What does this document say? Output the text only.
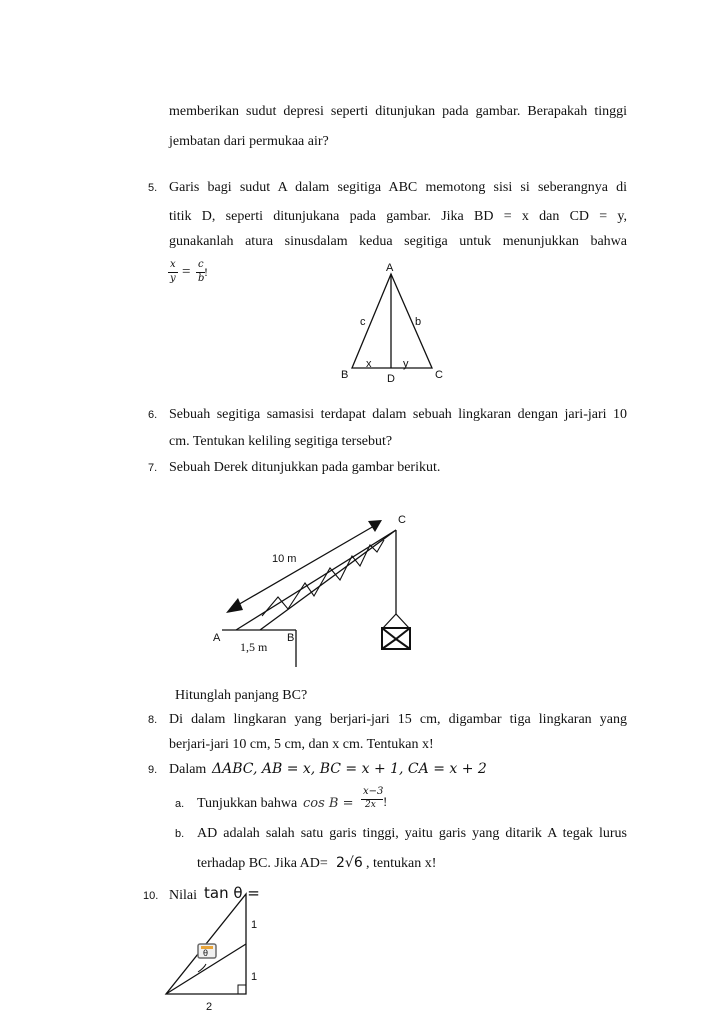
memberikan sudut depresi seperti ditunjukan pada gambar. Berapakah tinggi
jembatan dari permukaa air?
5. Garis bagi sudut A dalam segitiga ABC memotong sisi si seberangnya di
titik D, seperti ditunjukana pada gambar. Jika BD = x dan CD = y,
gunakanlah atura sinusdalam kedua segitiga untuk menunjukkan bahwa
x
y = c
b !	A
c	b
x	y
B	D	C
6. Sebuah segitiga samasisi terdapat dalam sebuah lingkaran dengan jari-jari 10
cm. Tentukan keliling segitiga tersebut?
7. Sebuah Derek ditunjukkan pada gambar berikut.
C
10 m
A	B
1,5 m
Hitunglah panjang BC?
8. Di dalam lingkaran yang berjari-jari 15 cm, digambar tiga lingkaran yang
berjari-jari 10 cm, 5 cm, dan x cm. Tentukan x!
9. Dalam ΔABC, AB = x, BC = x + 1, CA = x + 2
a. Tunjukkan bahwa cos B =
x−3
2x !
b. AD adalah salah satu garis tinggi, yaitu garis yang ditarik A tegak lurus
terhadap BC. Jika AD= 2√6 , tentukan x!
10. Nilai tan θ =
θ
1
1
2
